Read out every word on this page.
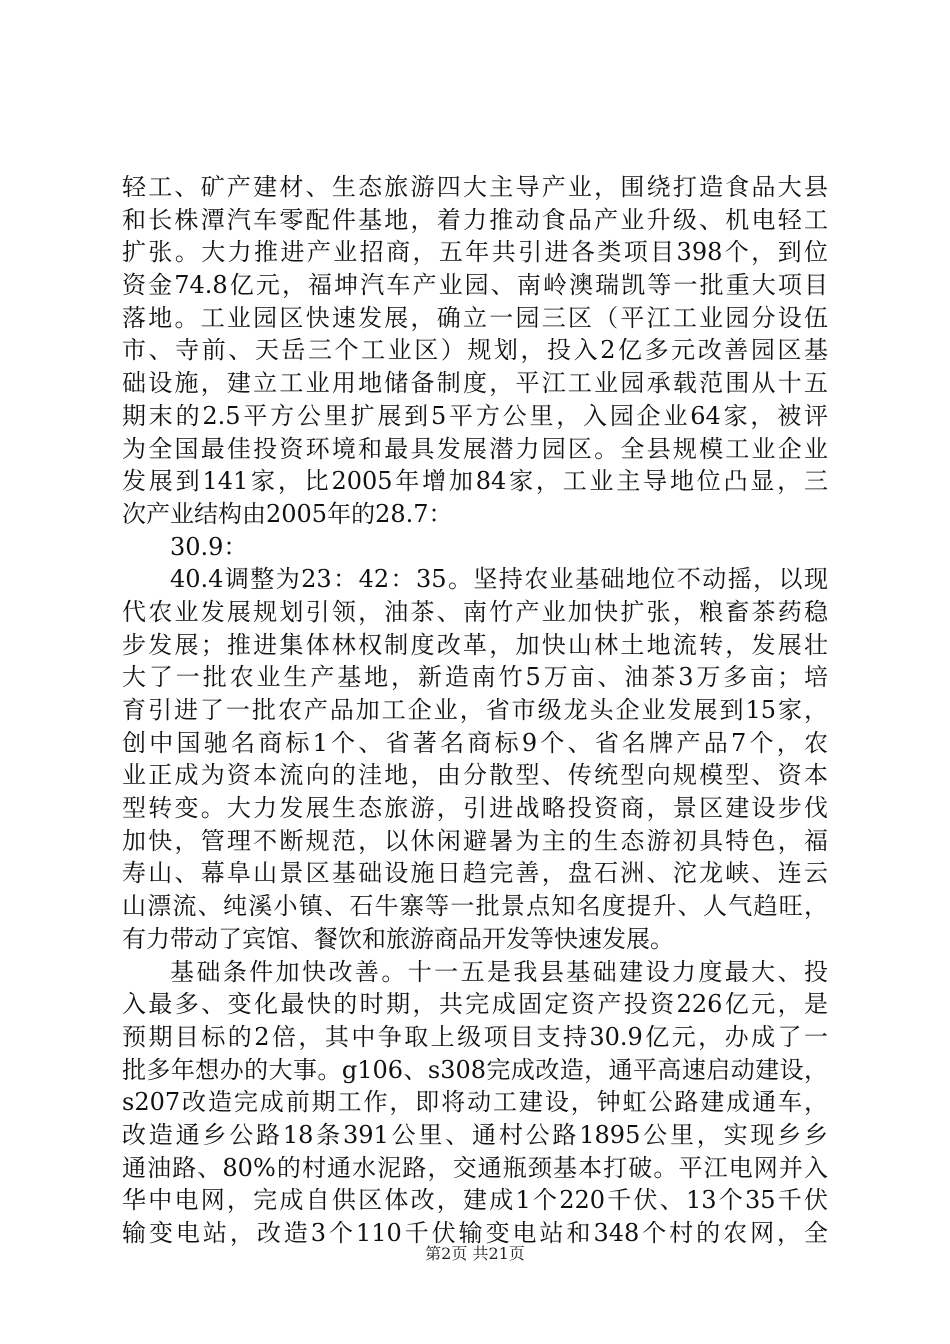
轻工、矿产建材、生态旅游四大主导产业，围绕打造食品大县
和长株潭汽车零配件基地，着力推动食品产业升级、机电轻工
扩张。大力推进产业招商，五年共引进各类项目398个，到位
资金74.8亿元，福坤汽车产业园、南岭澳瑞凯等一批重大项目
落地。工业园区快速发展，确立一园三区（平江工业园分设伍
市、寺前、天岳三个工业区）规划，投入2亿多元改善园区基
础设施，建立工业用地储备制度，平江工业园承载范围从十五
期末的2.5平方公里扩展到5平方公里，入园企业64家，被评
为全国最佳投资环境和最具发展潜力园区。全县规模工业企业
发展到141家，比2005年增加84家，工业主导地位凸显，三
次产业结构由2005年的28.7：
30.9：
40.4调整为23：42：35。坚持农业基础地位不动摇，以现
代农业发展规划引领，油茶、南竹产业加快扩张，粮畜茶药稳
步发展；推进集体林权制度改革，加快山林土地流转，发展壮
大了一批农业生产基地，新造南竹5万亩、油茶3万多亩；培
育引进了一批农产品加工企业，省市级龙头企业发展到15家，
创中国驰名商标1个、省著名商标9个、省名牌产品7个，农
业正成为资本流向的洼地，由分散型、传统型向规模型、资本
型转变。大力发展生态旅游，引进战略投资商，景区建设步伐
加快，管理不断规范，以休闲避暑为主的生态游初具特色，福
寿山、幕阜山景区基础设施日趋完善，盘石洲、沱龙峡、连云
山漂流、纯溪小镇、石牛寨等一批景点知名度提升、人气趋旺，
有力带动了宾馆、餐饮和旅游商品开发等快速发展。
基础条件加快改善。十一五是我县基础建设力度最大、投
入最多、变化最快的时期，共完成固定资产投资226亿元，是
预期目标的2倍，其中争取上级项目支持30.9亿元，办成了一
批多年想办的大事。g106、s308完成改造，通平高速启动建设，
s207改造完成前期工作，即将动工建设，钟虹公路建成通车，
改造通乡公路18条391公里、通村公路1895公里，实现乡乡
通油路、80%的村通水泥路，交通瓶颈基本打破。平江电网并入
华中电网，完成自供区体改，建成1个220千伏、13个35千伏
输变电站，改造3个110千伏输变电站和348个村的农网，全
第2页 共21页
